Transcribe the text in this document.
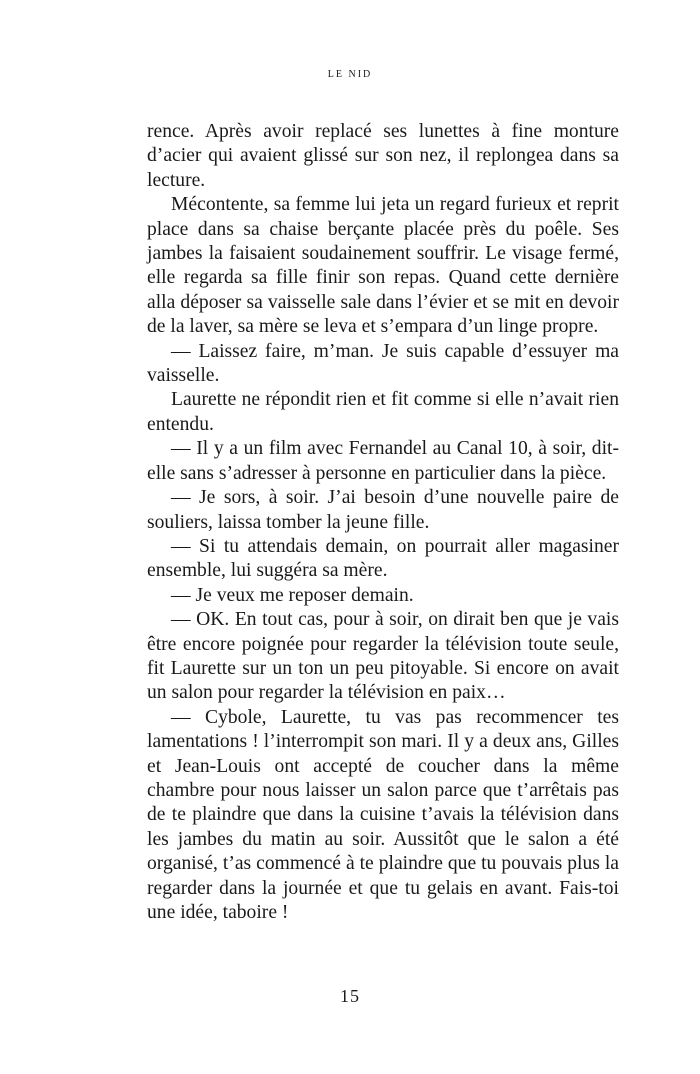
LE NID

rence. Après avoir replacé ses lunettes à fine monture d’acier qui avaient glissé sur son nez, il replongea dans sa lecture.

Mécontente, sa femme lui jeta un regard furieux et reprit place dans sa chaise berçante placée près du poêle. Ses jambes la faisaient soudainement souffrir. Le visage fermé, elle regarda sa fille finir son repas. Quand cette dernière alla déposer sa vaisselle sale dans l’évier et se mit en devoir de la laver, sa mère se leva et s’empara d’un linge propre.

— Laissez faire, m’man. Je suis capable d’essuyer ma vaisselle.

Laurette ne répondit rien et fit comme si elle n’avait rien entendu.

— Il y a un film avec Fernandel au Canal 10, à soir, dit-elle sans s’adresser à personne en particulier dans la pièce.

— Je sors, à soir. J’ai besoin d’une nouvelle paire de souliers, laissa tomber la jeune fille.

— Si tu attendais demain, on pourrait aller magasiner ensemble, lui suggéra sa mère.

— Je veux me reposer demain.

— OK. En tout cas, pour à soir, on dirait ben que je vais être encore poignée pour regarder la télévision toute seule, fit Laurette sur un ton un peu pitoyable. Si encore on avait un salon pour regarder la télévision en paix…

— Cybole, Laurette, tu vas pas recommencer tes lamentations ! l’interrompit son mari. Il y a deux ans, Gilles et Jean-Louis ont accepté de coucher dans la même chambre pour nous laisser un salon parce que t’arrêtais pas de te plaindre que dans la cuisine t’avais la télévision dans les jambes du matin au soir. Aussitôt que le salon a été organisé, t’as commencé à te plaindre que tu pouvais plus la regarder dans la journée et que tu gelais en avant. Fais-toi une idée, taboire !

15
